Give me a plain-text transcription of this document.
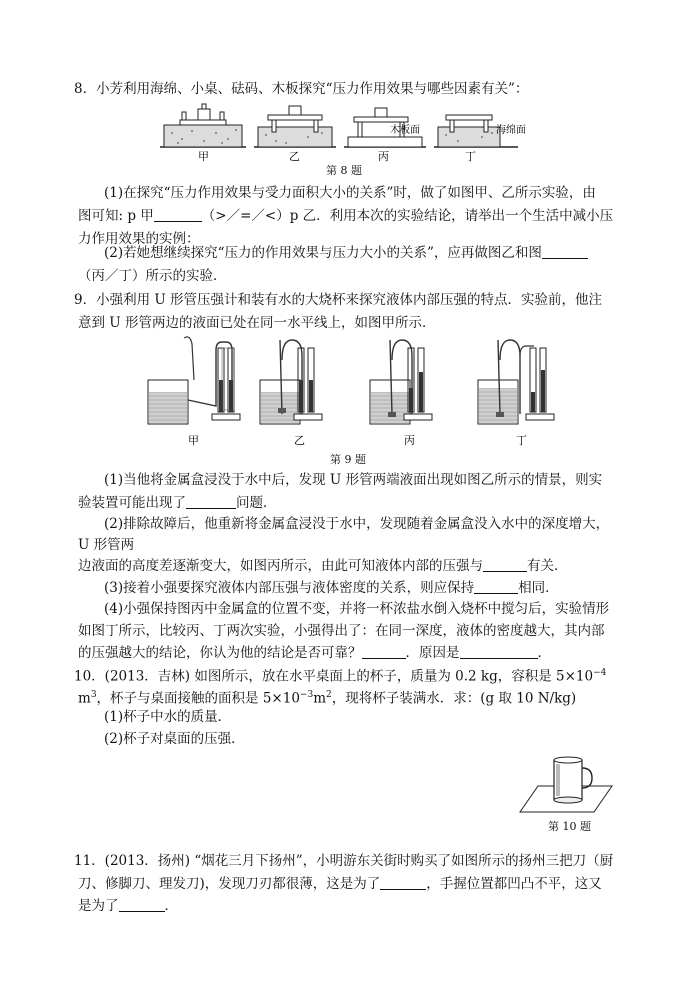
8．小芳利用海绵、小桌、砝码、木板探究“压力作用效果与哪些因素有关”：
木板面	海绵面
甲	乙	丙	丁
第 8 题
(1)在探究“压力作用效果与受力面积大小的关系”时，做了如图甲、乙所示实验，由
图可知: p 甲	（>／=／<）p 乙．利用本次的实验结论，请举出一个生活中减小压
力作用效果的实例：
(2)若她想继续探究“压力的作用效果与压力大小的关系”，应再做图乙和图
（丙／丁）所示的实验．
9．小强利用 U 形管压强计和装有水的大烧杯来探究液体内部压强的特点．实验前，他注
意到 U 形管两边的液面已处在同一水平线上，如图甲所示．
甲	乙	丙	丁
第 9 题
(1)当他将金属盒浸没于水中后，发现 U 形管两端液面出现如图乙所示的情景，则实
验装置可能出现了	问题．
(2)排除故障后，他重新将金属盒浸没于水中，发现随着金属盒没入水中的深度增大，
U 形管两
边液面的高度差逐渐变大，如图丙所示，由此可知液体内部的压强与	有关．
(3)接着小强要探究液体内部压强与液体密度的关系，则应保持	相同．
(4)小强保持图丙中金属盒的位置不变，并将一杯浓盐水倒入烧杯中搅匀后，实验情形
如图丁所示，比较丙、丁两次实验，小强得出了：在同一深度，液体的密度越大，其内部
的压强越大的结论，你认为他的结论是否可靠？	．原因是	．
10．(2013．吉林) 如图所示，放在水平桌面上的杯子，质量为 0.2 kg，容积是 $5\times 10^{-4}$
$m^3$，杯子与桌面接触的面积是 $5\times 10^{-3}m^2$，现将杯子装满水．求：(g 取 10 N/kg)
(1)杯子中水的质量．
(2)杯子对桌面的压强．
第 10 题
11．(2013．扬州) “烟花三月下扬州”，小明游东关街时购买了如图所示的扬州三把刀（厨
刀、修脚刀、理发刀)，发现刀刃都很薄，这是为了	，手握位置都凹凸不平，这又
是为了	．
